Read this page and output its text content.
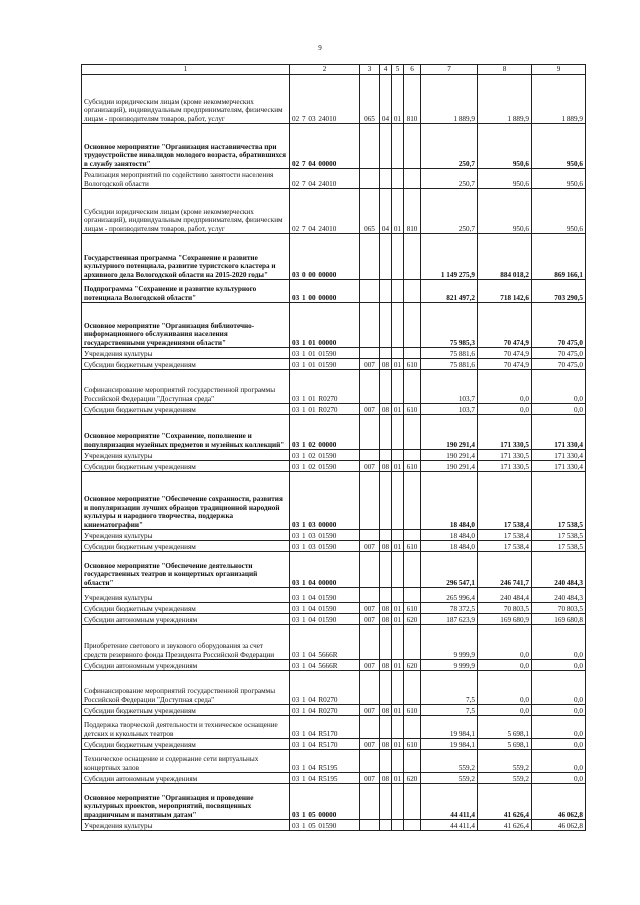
9
1	2	3	4	5	6	7	8	9
Субсидии юридическим лицам (кроме некоммерческих организаций), индивидуальным предпринимателям, физическим лицам - производителям товаров, работ, услуг	02 7 03 24010	065	04	01	810	1 889,9	1 889,9	1 889,9
Основное мероприятие "Организация наставничества при трудоустройстве инвалидов молодого возраста, обратившихся в службу занятости"	02 7 04 00000					250,7	950,6	950,6
Реализация мероприятий по содействию занятости населения Вологодской области	02 7 04 24010					250,7	950,6	950,6
Субсидии юридическим лицам (кроме некоммерческих организаций), индивидуальным предпринимателям, физическим лицам - производителям товаров, работ, услуг	02 7 04 24010	065	04	01	810	250,7	950,6	950,6
Государственная программа "Сохранение и развитие культурного потенциала, развитие туристского кластера и архивного дела Вологодской области на 2015-2020 годы"	03 0 00 00000					1 149 275,9	884 018,2	869 166,1
Подпрограмма "Сохранение и развитие культурного потенциала Вологодской области"	03 1 00 00000					821 497,2	718 142,6	703 290,5
Основное мероприятие "Организация библиотечно-информационного обслуживания населения государственными учреждениями области"	03 1 01 00000					75 985,3	70 474,9	70 475,0
Учреждения культуры	03 1 01 01590					75 881,6	70 474,9	70 475,0
Субсидии бюджетным учреждениям	03 1 01 01590	007	08	01	610	75 881,6	70 474,9	70 475,0
Софинансирование мероприятий государственной программы Российской Федерации "Доступная среда"	03 1 01 R0270					103,7	0,0	0,0
Субсидии бюджетным учреждениям	03 1 01 R0270	007	08	01	610	103,7	0,0	0,0
Основное мероприятие "Сохранение, пополнение и популяризация музейных предметов и музейных коллекций"	03 1 02 00000					190 291,4	171 330,5	171 330,4
Учреждения культуры	03 1 02 01590					190 291,4	171 330,5	171 330,4
Субсидии бюджетным учреждениям	03 1 02 01590	007	08	01	610	190 291,4	171 330,5	171 330,4
Основное мероприятие "Обеспечение сохранности, развития и популяризации лучших образцов традиционной народной культуры и народного творчества, поддержка кинематографии"	03 1 03 00000					18 484,0	17 538,4	17 538,5
Учреждения культуры	03 1 03 01590					18 484,0	17 538,4	17 538,5
Субсидии бюджетным учреждениям	03 1 03 01590	007	08	01	610	18 484,0	17 538,4	17 538,5
Основное мероприятие "Обеспечение деятельности государственных театров и концертных организаций области"	03 1 04 00000					296 547,1	246 741,7	240 484,3
Учреждения культуры	03 1 04 01590					265 996,4	240 484,4	240 484,3
Субсидии бюджетным учреждениям	03 1 04 01590	007	08	01	610	78 372,5	70 803,5	70 803,5
Субсидии автономным учреждениям	03 1 04 01590	007	08	01	620	187 623,9	169 680,9	169 680,8
Приобретение светового и звукового оборудования за счет средств резервного фонда Президента Российской Федерации	03 1 04 5666R					9 999,9	0,0	0,0
Субсидии автономным учреждениям	03 1 04 5666R	007	08	01	620	9 999,9	0,0	0,0
Софинансирование мероприятий государственной программы Российской Федерации "Доступная среда"	03 1 04 R0270					7,5	0,0	0,0
Субсидии бюджетным учреждениям	03 1 04 R0270	007	08	01	610	7,5	0,0	0,0
Поддержка творческой деятельности и техническое оснащение детских и кукольных театров	03 1 04 R5170					19 984,1	5 698,1	0,0
Субсидии бюджетным учреждениям	03 1 04 R5170	007	08	01	610	19 984,1	5 698,1	0,0
Техническое оснащение и содержание сети виртуальных концертных залов	03 1 04 R5195					559,2	559,2	0,0
Субсидии автономным учреждениям	03 1 04 R5195	007	08	01	620	559,2	559,2	0,0
Основное мероприятие "Организация и проведение культурных проектов, мероприятий, посвященных праздничным и памятным датам"	03 1 05 00000					44 411,4	41 626,4	46 062,8
Учреждения культуры	03 1 05 01590					44 411,4	41 626,4	46 062,8
